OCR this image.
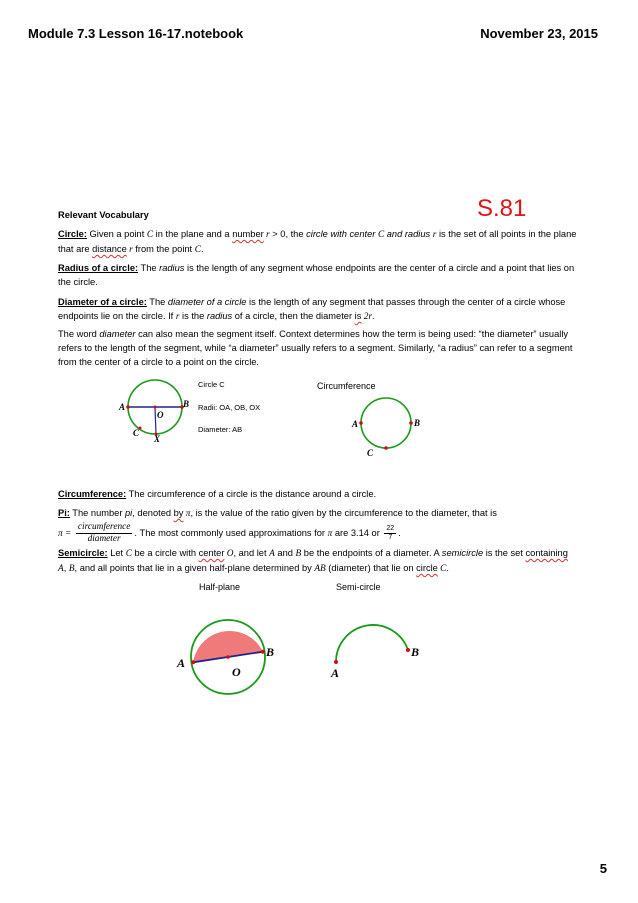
Module 7.3 Lesson 16-17.notebook	November 23, 2015
S.81
Relevant Vocabulary
Circle: Given a point C in the plane and a number r > 0, the circle with center C and radius r is the set of all points in the plane that are distance r from the point C.
Radius of a circle: The radius is the length of any segment whose endpoints are the center of a circle and a point that lies on the circle.
Diameter of a circle: The diameter of a circle is the length of any segment that passes through the center of a circle whose endpoints lie on the circle. If r is the radius of a circle, then the diameter is 2r.
The word diameter can also mean the segment itself. Context determines how the term is being used: “the diameter” usually refers to the length of the segment, while “a diameter” usually refers to a segment. Similarly, “a radius” can refer to a segment from the center of a circle to a point on the circle.
Circumference: The circumference of a circle is the distance around a circle.
Pi: The number pi, denoted by π, is the value of the ratio given by the circumference to the diameter, that is
$\pi = \frac{\text{circumference}}{\text{diameter}}$ . The most commonly used approximations for π are 3.14 or $\frac{22}{7}$ .
Semicircle: Let C be a circle with center O, and let A and B be the endpoints of a diameter. A semicircle is the set containing A, B, and all points that lie in a given half-plane determined by AB (diameter) that lie on circle C.
A	B
O
C
X
Circle C
Radii: OA, OB, OX
Diameter: AB
Circumference
A	B
C
Half-plane
A
B
O
Semi-circle
A
B
5
